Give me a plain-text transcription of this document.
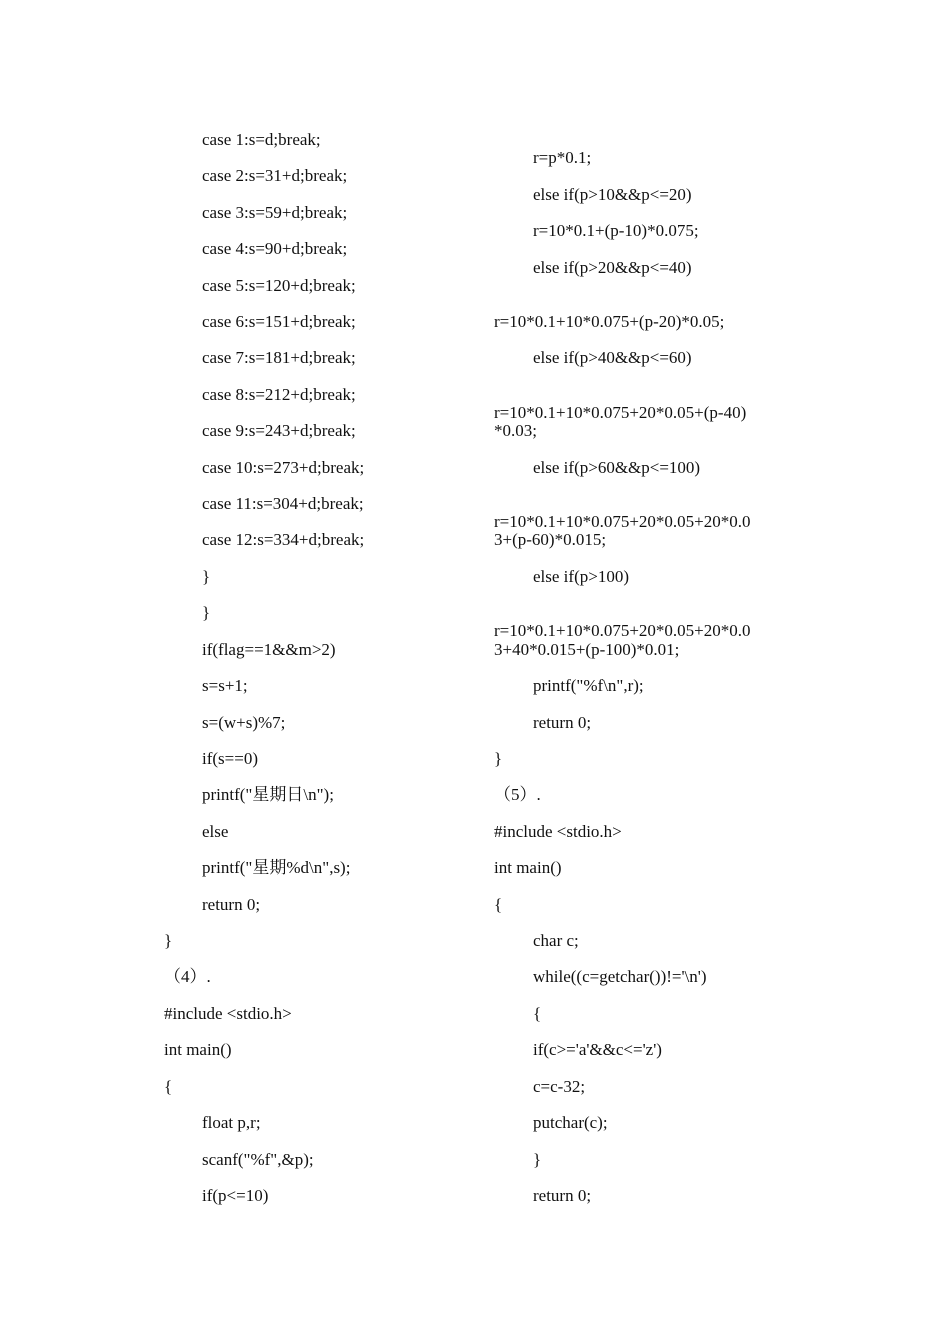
case 1:s=d;break;
case 2:s=31+d;break;
case 3:s=59+d;break;
case 4:s=90+d;break;
case 5:s=120+d;break;
case 6:s=151+d;break;
case 7:s=181+d;break;
case 8:s=212+d;break;
case 9:s=243+d;break;
case 10:s=273+d;break;
case 11:s=304+d;break;
case 12:s=334+d;break;
}
}
if(flag==1&&m>2)
s=s+1;
s=(w+s)%7;
if(s==0)
printf("星期日\n");
else
printf("星期%d\n",s);
return 0;
}
（4）.
#include <stdio.h>
int main()
{
float p,r;
scanf("%f",&p);
if(p<=10)
r=p*0.1;
else if(p>10&&p<=20)
r=10*0.1+(p-10)*0.075;
else if(p>20&&p<=40)
r=10*0.1+10*0.075+(p-20)*0.05;
else if(p>40&&p<=60)
r=10*0.1+10*0.075+20*0.05+(p-40)
*0.03;
else if(p>60&&p<=100)
r=10*0.1+10*0.075+20*0.05+20*0.0
3+(p-60)*0.015;
else if(p>100)
r=10*0.1+10*0.075+20*0.05+20*0.0
3+40*0.015+(p-100)*0.01;
printf("%f\n",r);
return 0;
}
（5）.
#include <stdio.h>
int main()
{
char c;
while((c=getchar())!='\n')
{
if(c>='a'&&c<='z')
c=c-32;
putchar(c);
}
return 0;
